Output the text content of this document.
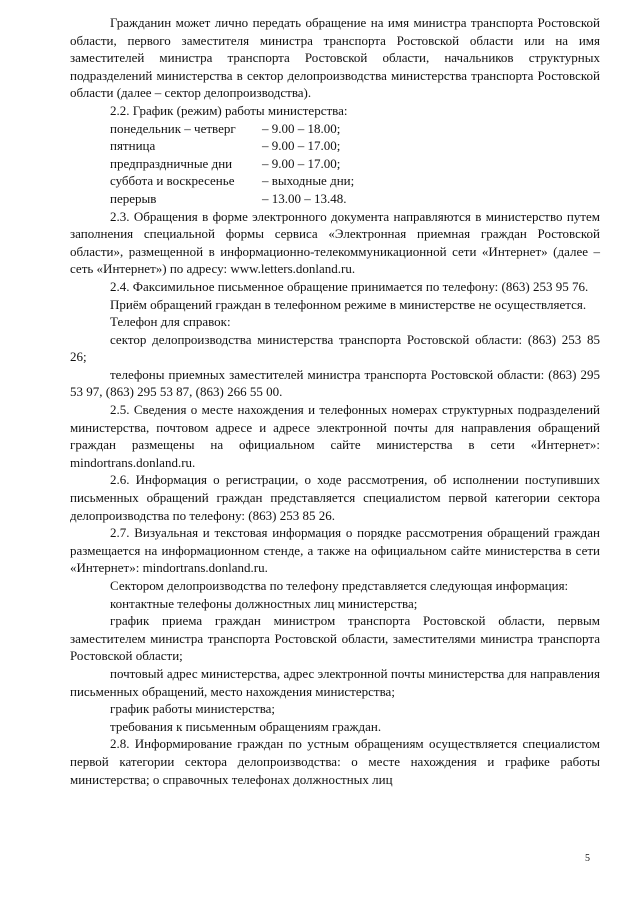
Гражданин может лично передать обращение на имя министра транспорта Ростовской области, первого заместителя министра транспорта Ростовской области или на имя заместителей министра транспорта Ростовской области, начальников структурных подразделений министерства в сектор делопроизводства министерства транспорта Ростовской области (далее – сектор делопроизводства).

2.2. График (режим) работы министерства:

понедельник – четверг	– 9.00 – 18.00;
пятница	– 9.00 – 17.00;
предпраздничные дни	– 9.00 – 17.00;
суббота и воскресенье	– выходные дни;
перерыв	– 13.00 – 13.48.

2.3. Обращения в форме электронного документа направляются в министерство путем заполнения специальной формы сервиса «Электронная приемная граждан Ростовской области», размещенной в информационно-телекоммуникационной сети «Интернет» (далее – сеть «Интернет») по адресу: www.letters.donland.ru.

2.4. Факсимильное письменное обращение принимается по телефону: (863) 253 95 76.

Приём обращений граждан в телефонном режиме в министерстве не осуществляется.

Телефон для справок:

сектор делопроизводства министерства транспорта Ростовской области: (863) 253 85 26;

телефоны приемных заместителей министра транспорта Ростовской области: (863) 295 53 97, (863) 295 53 87, (863) 266 55 00.

2.5. Сведения о месте нахождения и телефонных номерах структурных подразделений министерства, почтовом адресе и адресе электронной почты для направления обращений граждан размещены на официальном сайте министерства в сети «Интернет»: mindortrans.donland.ru.

2.6. Информация о регистрации, о ходе рассмотрения, об исполнении поступивших письменных обращений граждан представляется специалистом первой категории сектора делопроизводства по телефону: (863) 253 85 26.

2.7. Визуальная и текстовая информация о порядке рассмотрения обращений граждан размещается на информационном стенде, а также на официальном сайте министерства в сети «Интернет»: mindortrans.donland.ru.

Сектором делопроизводства по телефону представляется следующая информация:

контактные телефоны должностных лиц министерства;

график приема граждан министром транспорта Ростовской области, первым заместителем министра транспорта Ростовской области, заместителями министра транспорта Ростовской области;

почтовый адрес министерства, адрес электронной почты министерства для направления письменных обращений, место нахождения министерства;

график работы министерства;

требования к письменным обращениям граждан.

2.8. Информирование граждан по устным обращениям осуществляется специалистом первой категории сектора делопроизводства: о месте нахождения и графике работы министерства; о справочных телефонах должностных лиц

5
